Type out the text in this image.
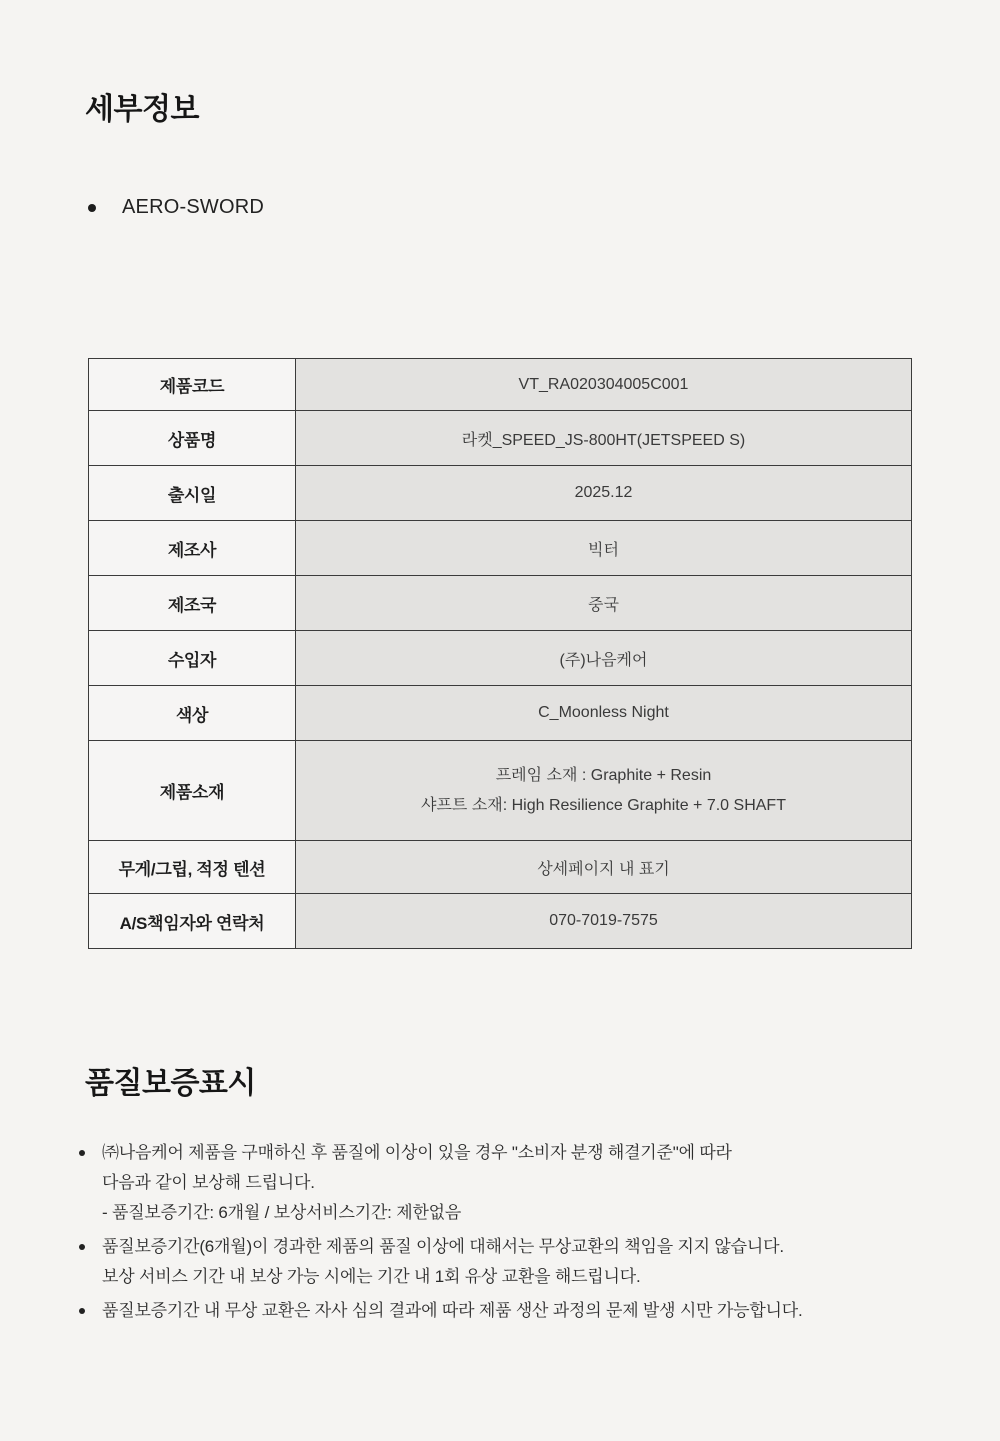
세부정보
AERO-SWORD
제품코드	VT_RA020304005C001
상품명	라켓_SPEED_JS-800HT(JETSPEED S)
출시일	2025.12
제조사	빅터
제조국	중국
수입자	(주)나음케어
색상	C_Moonless Night
제품소재	프레임 소재 : Graphite + Resin
샤프트 소재: High Resilience Graphite + 7.0 SHAFT

무게/그립, 적정 텐션	상세페이지 내 표기
A/S책임자와 연락처	070-7019-7575
품질보증표시
㈜나음케어 제품을 구매하신 후 품질에 이상이 있을 경우 "소비자 분쟁 해결기준"에 따라
다음과 같이 보상해 드립니다.
- 품질보증기간: 6개월 / 보상서비스기간: 제한없음
품질보증기간(6개월)이 경과한 제품의 품질 이상에 대해서는 무상교환의 책임을 지지 않습니다.
보상 서비스 기간 내 보상 가능 시에는 기간 내 1회 유상 교환을 해드립니다.
품질보증기간 내 무상 교환은 자사 심의 결과에 따라 제품 생산 과정의 문제 발생 시만 가능합니다.
